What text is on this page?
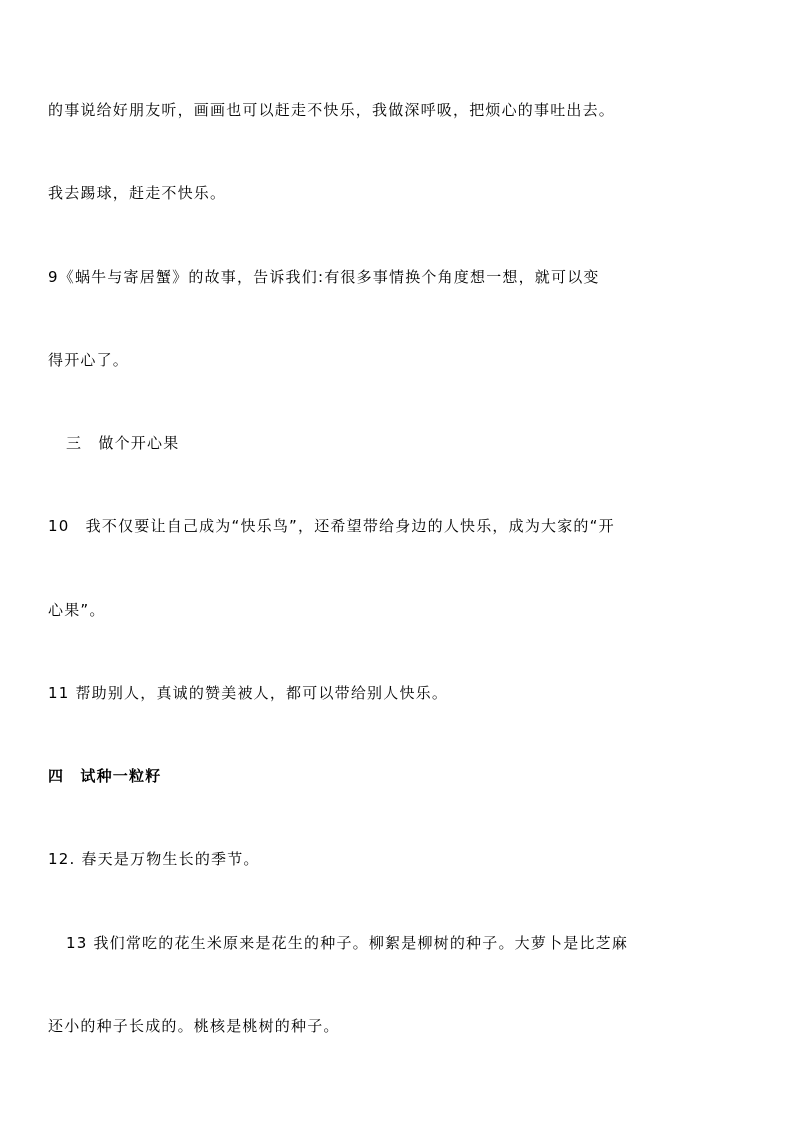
的事说给好朋友听，画画也可以赶走不快乐，我做深呼吸，把烦心的事吐出去。
我去踢球，赶走不快乐。
9《蜗牛与寄居蟹》的故事，告诉我们:有很多事情换个角度想一想，就可以变
得开心了。
三　做个开心果
10　我不仅要让自己成为“快乐鸟”，还希望带给身边的人快乐，成为大家的“开
心果”。
11 帮助别人，真诚的赞美被人，都可以带给别人快乐。
四　试种一粒籽
12. 春天是万物生长的季节。
13 我们常吃的花生米原来是花生的种子。柳絮是柳树的种子。大萝卜是比芝麻
还小的种子长成的。桃核是桃树的种子。
